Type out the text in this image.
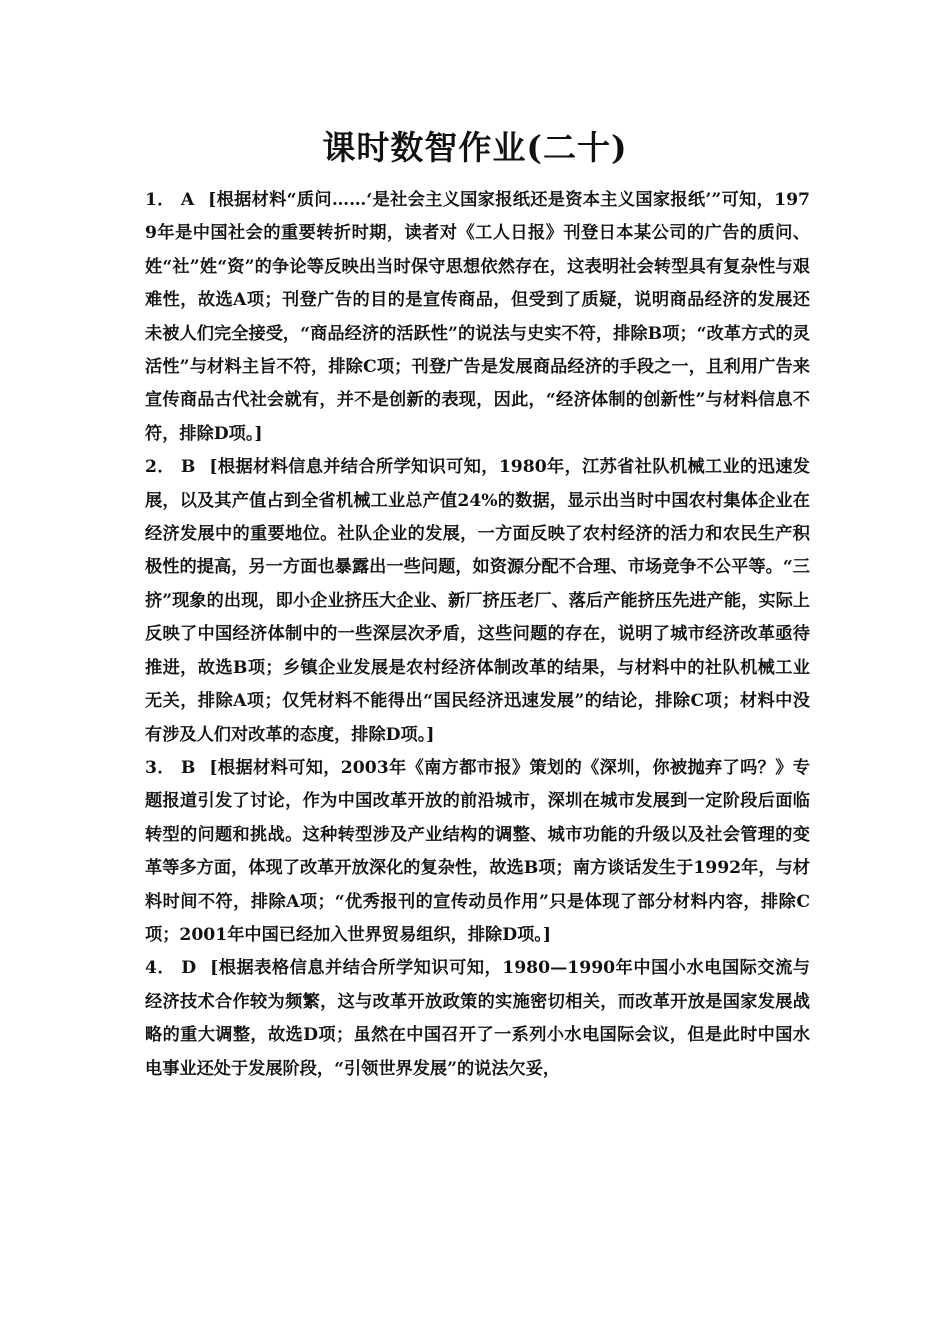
课时数智作业(二十)

1． A [根据材料“质问……‘是社会主义国家报纸还是资本主义国家报纸’”可知，1979年是中国社会的重要转折时期，读者对《工人日报》刊登日本某公司的广告的质问、姓“社”姓“资”的争论等反映出当时保守思想依然存在，这表明社会转型具有复杂性与艰难性，故选A项；刊登广告的目的是宣传商品，但受到了质疑，说明商品经济的发展还未被人们完全接受，“商品经济的活跃性”的说法与史实不符，排除B项；“改革方式的灵活性”与材料主旨不符，排除C项；刊登广告是发展商品经济的手段之一，且利用广告来宣传商品古代社会就有，并不是创新的表现，因此，“经济体制的创新性”与材料信息不符，排除D项。]

2． B [根据材料信息并结合所学知识可知，1980年，江苏省社队机械工业的迅速发展，以及其产值占到全省机械工业总产值24%的数据，显示出当时中国农村集体企业在经济发展中的重要地位。社队企业的发展，一方面反映了农村经济的活力和农民生产积极性的提高，另一方面也暴露出一些问题，如资源分配不合理、市场竞争不公平等。“三挤”现象的出现，即小企业挤压大企业、新厂挤压老厂、落后产能挤压先进产能，实际上反映了中国经济体制中的一些深层次矛盾，这些问题的存在，说明了城市经济改革亟待推进，故选B项；乡镇企业发展是农村经济体制改革的结果，与材料中的社队机械工业无关，排除A项；仅凭材料不能得出“国民经济迅速发展”的结论，排除C项；材料中没有涉及人们对改革的态度，排除D项。]

3． B [根据材料可知，2003年《南方都市报》策划的《深圳，你被抛弃了吗？》专题报道引发了讨论，作为中国改革开放的前沿城市，深圳在城市发展到一定阶段后面临转型的问题和挑战。这种转型涉及产业结构的调整、城市功能的升级以及社会管理的变革等多方面，体现了改革开放深化的复杂性，故选B项；南方谈话发生于1992年，与材料时间不符，排除A项；“优秀报刊的宣传动员作用”只是体现了部分材料内容，排除C项；2001年中国已经加入世界贸易组织，排除D项。]

4． D [根据表格信息并结合所学知识可知，1980—1990年中国小水电国际交流与经济技术合作较为频繁，这与改革开放政策的实施密切相关，而改革开放是国家发展战略的重大调整，故选D项；虽然在中国召开了一系列小水电国际会议，但是此时中国水电事业还处于发展阶段，“引领世界发展”的说法欠妥，
